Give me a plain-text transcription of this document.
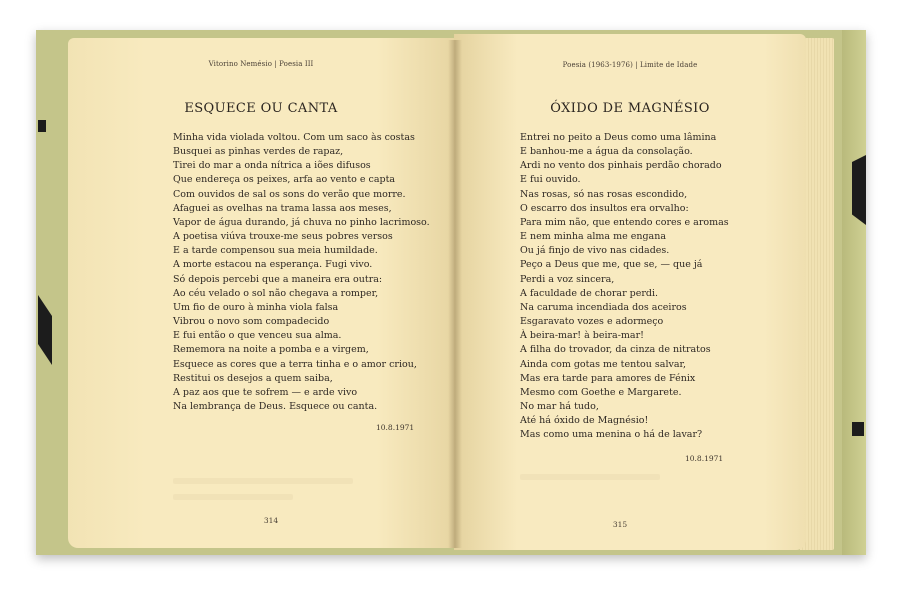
Vitorino Nemésio | Poesia III
ESQUECE OU CANTA
Minha vida violada voltou. Com um saco às costas
Busquei as pinhas verdes de rapaz,
Tirei do mar a onda nítrica a iões difusos
Que endereça os peixes, arfa ao vento e capta
Com ouvidos de sal os sons do verão que morre.
Afaguei as ovelhas na trama lassa aos meses,
Vapor de água durando, já chuva no pinho lacrimoso.
A poetisa viúva trouxe-me seus pobres versos
E a tarde compensou sua meia humildade.
A morte estacou na esperança. Fugi vivo.
Só depois percebi que a maneira era outra:
Ao céu velado o sol não chegava a romper,
Um fio de ouro à minha viola falsa
Vibrou o novo som compadecido
E fui então o que venceu sua alma.
Rememora na noite a pomba e a virgem,
Esquece as cores que a terra tinha e o amor criou,
Restitui os desejos a quem saiba,
A paz aos que te sofrem — e arde vivo
Na lembrança de Deus. Esquece ou canta.
10.8.1971
314
Poesia (1963-1976) | Limite de Idade
ÓXIDO DE MAGNÉSIO
Entrei no peito a Deus como uma lâmina
E banhou-me a água da consolação.
Ardi no vento dos pinhais perdão chorado
E fui ouvido.
Nas rosas, só nas rosas escondido,
O escarro dos insultos era orvalho:
Para mim não, que entendo cores e aromas
E nem minha alma me engana
Ou já finjo de vivo nas cidades.
Peço a Deus que me, que se, — que já
Perdi a voz sincera,
A faculdade de chorar perdi.
Na caruma incendiada dos aceiros
Esgaravato vozes e adormeço
À beira-mar! à beira-mar!
A filha do trovador, da cinza de nitratos
Ainda com gotas me tentou salvar,
Mas era tarde para amores de Fénix
Mesmo com Goethe e Margarete.
No mar há tudo,
Até há óxido de Magnésio!
Mas como uma menina o há de lavar?
10.8.1971
315
